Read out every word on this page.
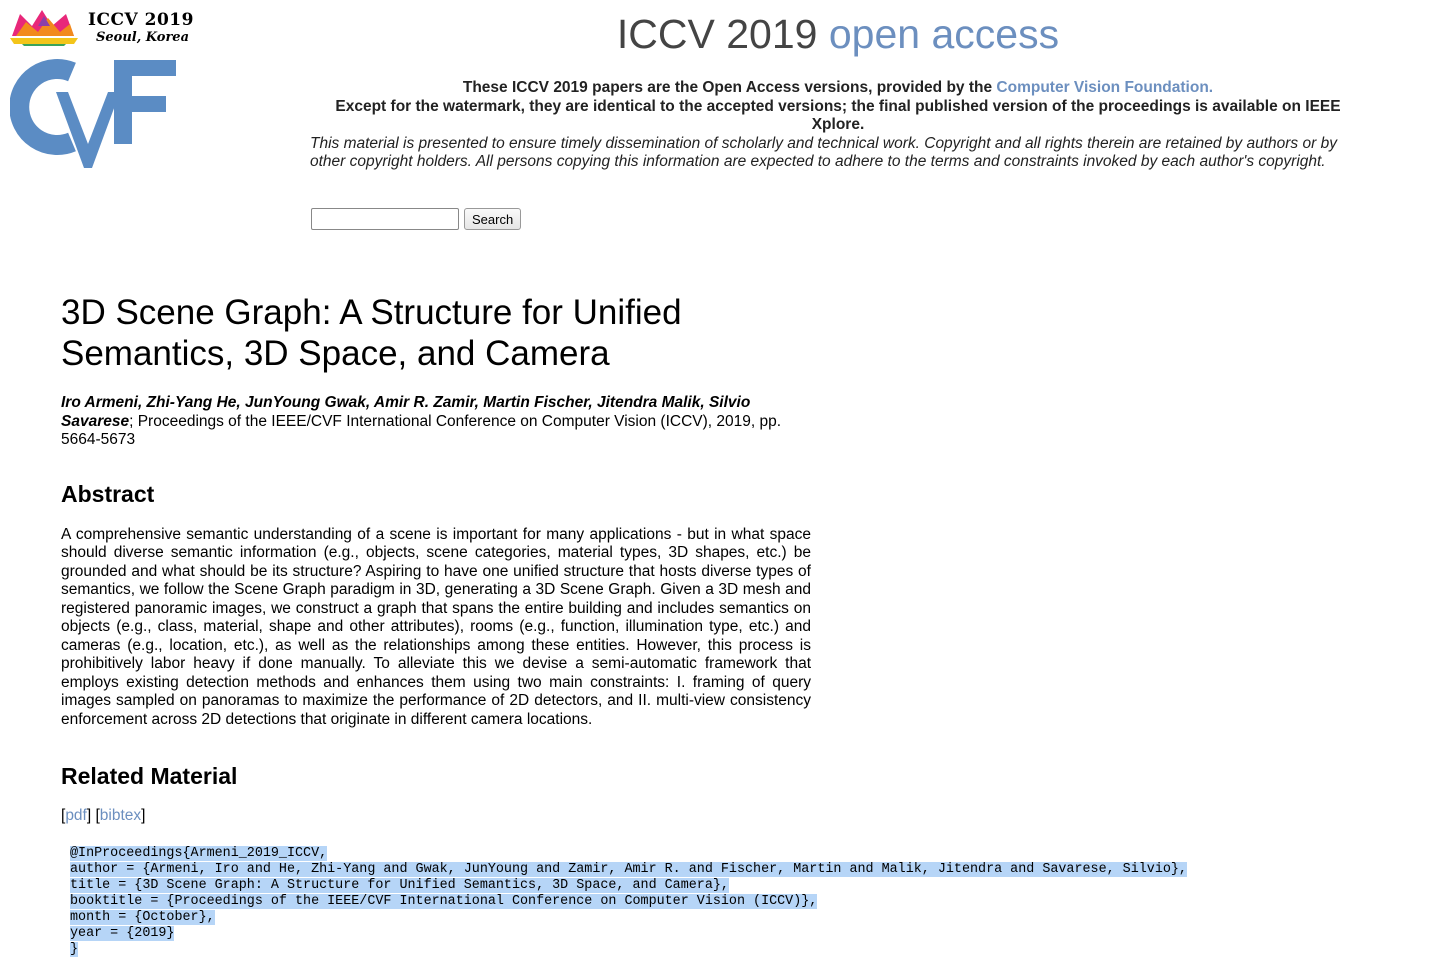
ICCV 2019
Seoul, Korea	ICCV 2019 open access
These ICCV 2019 papers are the Open Access versions, provided by the Computer Vision Foundation.
Except for the watermark, they are identical to the accepted versions; the final published version of the proceedings is available on IEEE Xplore.
This material is presented to ensure timely dissemination of scholarly and technical work. Copyright and all rights therein are retained by authors or by other copyright holders. All persons copying this information are expected to adhere to the terms and constraints invoked by each author's copyright.
Search
3D Scene Graph: A Structure for Unified Semantics, 3D Space, and Camera
Iro Armeni, Zhi-Yang He, JunYoung Gwak, Amir R. Zamir, Martin Fischer, Jitendra Malik, Silvio Savarese; Proceedings of the IEEE/CVF International Conference on Computer Vision (ICCV), 2019, pp. 5664-5673
Abstract
A comprehensive semantic understanding of a scene is important for many applications - but in what space should diverse semantic information (e.g., objects, scene categories, material types, 3D shapes, etc.) be grounded and what should be its structure? Aspiring to have one unified structure that hosts diverse types of semantics, we follow the Scene Graph paradigm in 3D, generating a 3D Scene Graph. Given a 3D mesh and registered panoramic images, we construct a graph that spans the entire building and includes semantics on objects (e.g., class, material, shape and other attributes), rooms (e.g., function, illumination type, etc.) and cameras (e.g., location, etc.), as well as the relationships among these entities. However, this process is prohibitively labor heavy if done manually. To alleviate this we devise a semi-automatic framework that employs existing detection methods and enhances them using two main constraints: I. framing of query images sampled on panoramas to maximize the performance of 2D detectors, and II. multi-view consistency enforcement across 2D detections that originate in different camera locations.
Related Material
[pdf] [bibtex]
@InProceedings{Armeni_2019_ICCV,
author = {Armeni, Iro and He, Zhi-Yang and Gwak, JunYoung and Zamir, Amir R. and Fischer, Martin and Malik, Jitendra and Savarese, Silvio},
title = {3D Scene Graph: A Structure for Unified Semantics, 3D Space, and Camera},
booktitle = {Proceedings of the IEEE/CVF International Conference on Computer Vision (ICCV)},
month = {October},
year = {2019}
}
